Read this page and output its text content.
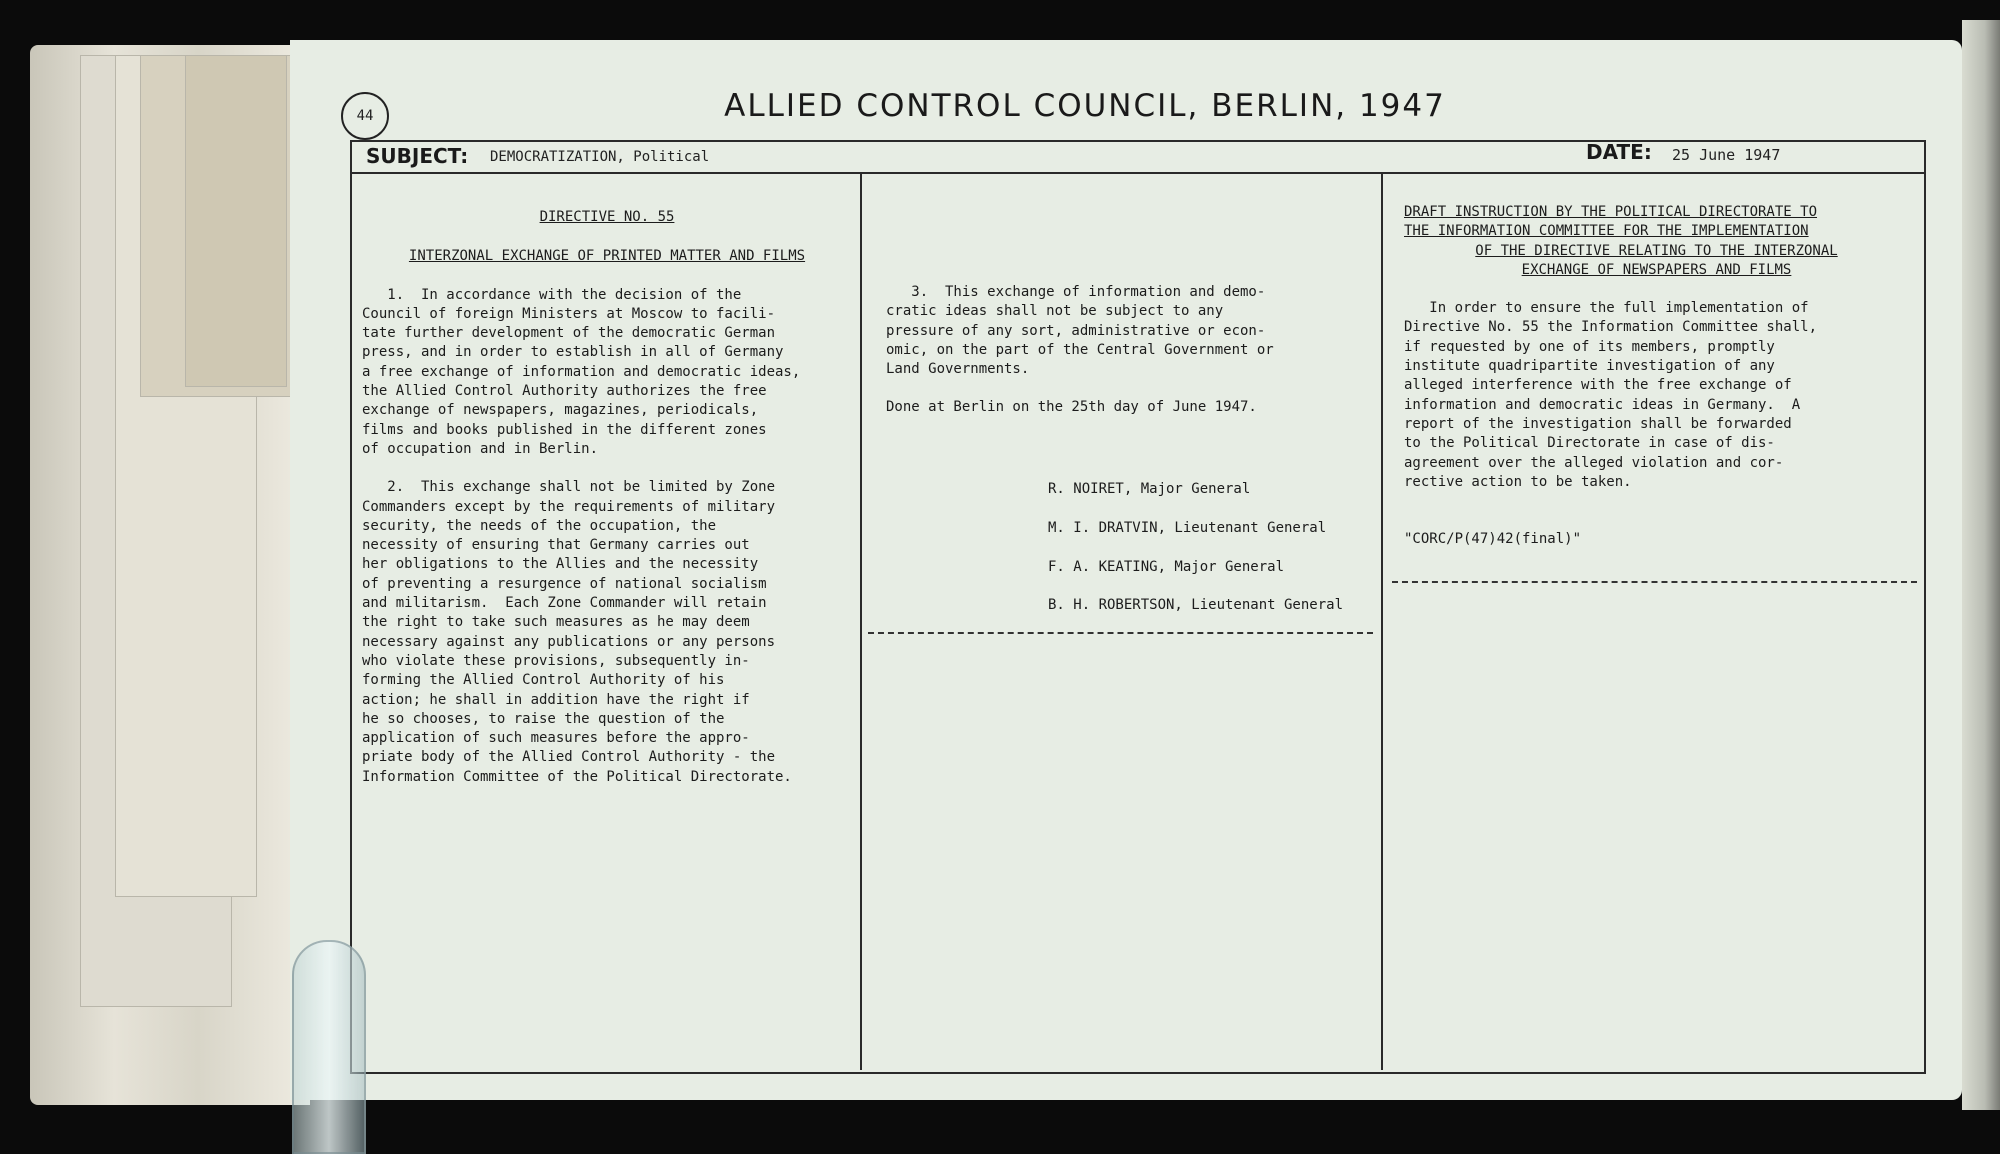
44	ALLIED CONTROL COUNCIL, BERLIN, 1947
SUBJECT: DEMOCRATIZATION, Political	DATE: 25 June 1947

DIRECTIVE NO. 55

INTERZONAL EXCHANGE OF PRINTED MATTER AND FILMS

1.  In accordance with the decision of the

Council of foreign Ministers at Moscow to facili-

tate further development of the democratic German

press, and in order to establish in all of Germany

a free exchange of information and democratic ideas,

the Allied Control Authority authorizes the free

exchange of newspapers, magazines, periodicals,

films and books published in the different zones

of occupation and in Berlin.

2.  This exchange shall not be limited by Zone

Commanders except by the requirements of military

security, the needs of the occupation, the

necessity of ensuring that Germany carries out

her obligations to the Allies and the necessity

of preventing a resurgence of national socialism

and militarism.  Each Zone Commander will retain

the right to take such measures as he may deem

necessary against any publications or any persons

who violate these provisions, subsequently in-

forming the Allied Control Authority of his

action; he shall in addition have the right if

he so chooses, to raise the question of the

application of such measures before the appro-

priate body of the Allied Control Authority - the

Information Committee of the Political Directorate.

3.  This exchange of information and demo-

cratic ideas shall not be subject to any

pressure of any sort, administrative or econ-

omic, on the part of the Central Government or

Land Governments.

Done at Berlin on the 25th day of June 1947.

R. NOIRET, Major General

M. I. DRATVIN, Lieutenant General

F. A. KEATING, Major General

B. H. ROBERTSON, Lieutenant General

DRAFT INSTRUCTION BY THE POLITICAL DIRECTORATE TO

THE INFORMATION COMMITTEE FOR THE IMPLEMENTATION

OF THE DIRECTIVE RELATING TO THE INTERZONAL

EXCHANGE OF NEWSPAPERS AND FILMS

In order to ensure the full implementation of

Directive No. 55 the Information Committee shall,

if requested by one of its members, promptly

institute quadripartite investigation of any

alleged interference with the free exchange of

information and democratic ideas in Germany.  A

report of the investigation shall be forwarded

to the Political Directorate in case of dis-

agreement over the alleged violation and cor-

rective action to be taken.

"CORC/P(47)42(final)"
